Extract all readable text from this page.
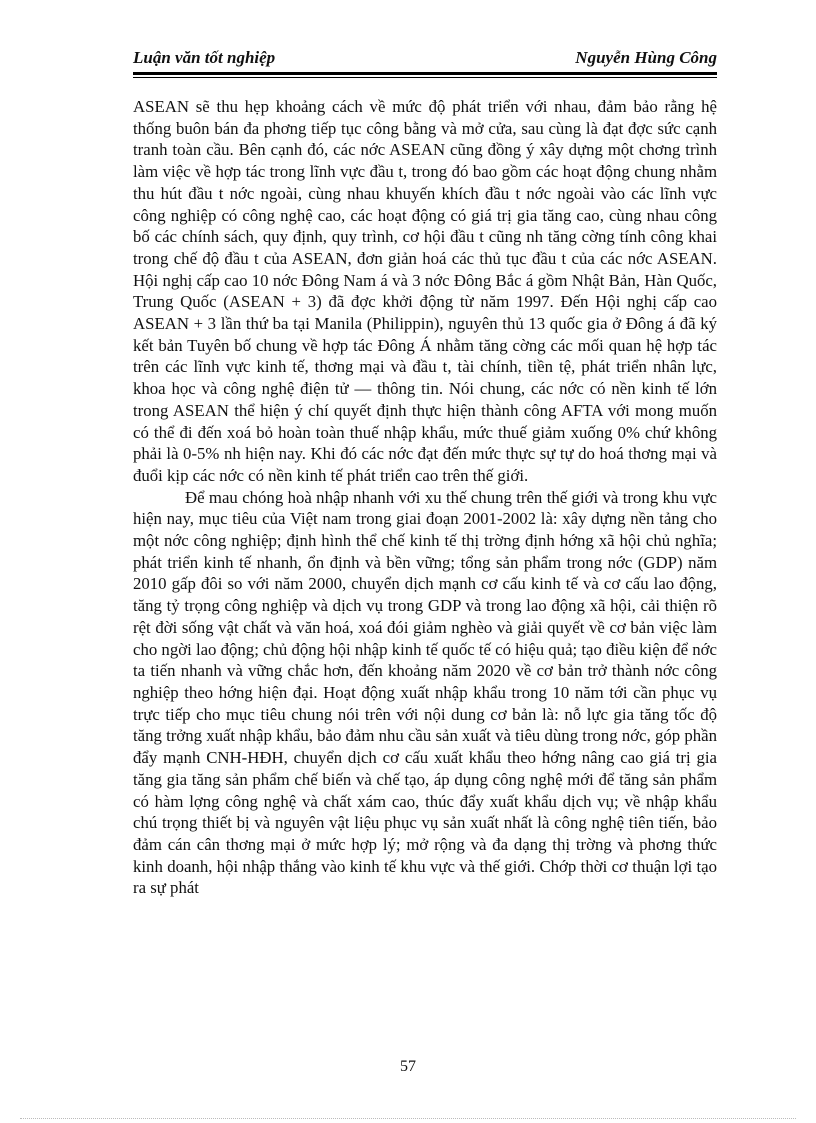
Luận văn tốt nghiệp	Nguyễn Hùng Công

ASEAN sẽ thu hẹp khoảng cách về mức độ phát triển với nhau, đảm bảo rằng hệ thống buôn bán đa phơng tiếp tục công bằng và mở cửa, sau cùng là đạt đợc sức cạnh tranh toàn cầu. Bên cạnh đó, các nớc ASEAN cũng đồng ý xây dựng một chơng trình làm việc về hợp tác trong lĩnh vực đầu t, trong đó bao gồm các hoạt động chung nhằm thu hút đầu t nớc ngoài, cùng nhau khuyến khích đầu t nớc ngoài vào các lĩnh vực công nghiệp có công nghệ cao, các hoạt động có giá trị gia tăng cao, cùng nhau công bố các chính sách, quy định, quy trình, cơ hội đầu t cũng nh tăng cờng tính công khai trong chế độ đầu t của ASEAN, đơn giản hoá các thủ tục đầu t của các nớc ASEAN. Hội nghị cấp cao 10 nớc Đông Nam á và 3 nớc Đông Bắc á gồm Nhật Bản, Hàn Quốc, Trung Quốc (ASEAN + 3) đã đợc khởi động từ năm 1997. Đến Hội nghị cấp cao ASEAN + 3 lần thứ ba tại Manila (Philippin), nguyên thủ 13 quốc gia ở Đông á đã ký kết bản Tuyên bố chung về hợp tác Đông Á nhằm tăng cờng các mối quan hệ hợp tác trên các lĩnh vực kinh tế, thơng mại và đầu t, tài chính, tiền tệ, phát triển nhân lực, khoa học và công nghệ điện tử — thông tin. Nói chung, các nớc có nền kinh tế lớn trong ASEAN thể hiện ý chí quyết định thực hiện thành công AFTA với mong muốn có thể đi đến xoá bỏ hoàn toàn thuế nhập khẩu, mức thuế giảm xuống 0% chứ không phải là 0-5% nh hiện nay. Khi đó các nớc đạt đến mức thực sự tự do hoá thơng mại và đuổi kịp các nớc có nền kinh tế phát triển cao trên thế giới.

Để mau chóng hoà nhập nhanh với xu thế chung trên thế giới và trong khu vực hiện nay, mục tiêu của Việt nam trong giai đoạn 2001-2002 là: xây dựng nền tảng cho một nớc công nghiệp; định hình thể chế kinh tế thị trờng định hớng xã hội chủ nghĩa; phát triển kinh tế nhanh, ổn định và bền vững; tổng sản phẩm trong nớc (GDP) năm 2010 gấp đôi so với năm 2000, chuyển dịch mạnh cơ cấu kinh tế và cơ cấu lao động, tăng tỷ trọng công nghiệp và dịch vụ trong GDP và trong lao động xã hội, cải thiện rõ rệt đời sống vật chất và văn hoá, xoá đói giảm nghèo và giải quyết về cơ bản việc làm cho ngời lao động; chủ động hội nhập kinh tế quốc tế có hiệu quả; tạo điều kiện để nớc ta tiến nhanh và vững chắc hơn, đến khoảng năm 2020 về cơ bản trở thành nớc công nghiệp theo hớng hiện đại. Hoạt động xuất nhập khẩu trong 10 năm tới cần phục vụ trực tiếp cho mục tiêu chung nói trên với nội dung cơ bản là: nỗ lực gia tăng tốc độ tăng trởng xuất nhập khẩu, bảo đảm nhu cầu sản xuất và tiêu dùng trong nớc, góp phần đẩy mạnh CNH-HĐH, chuyển dịch cơ cấu xuất khẩu theo hớng nâng cao giá trị gia tăng gia tăng sản phẩm chế biến và chế tạo, áp dụng công nghệ mới để tăng sản phẩm có hàm lợng công nghệ và chất xám cao, thúc đẩy xuất khẩu dịch vụ; về nhập khẩu chú trọng thiết bị và nguyên vật liệu phục vụ sản xuất nhất là công nghệ tiên tiến, bảo đảm cán cân thơng mại ở mức hợp lý; mở rộng và đa dạng thị trờng và phơng thức kinh doanh, hội nhập thắng vào kinh tế khu vực và thế giới. Chớp thời cơ thuận lợi tạo ra sự phát

57
